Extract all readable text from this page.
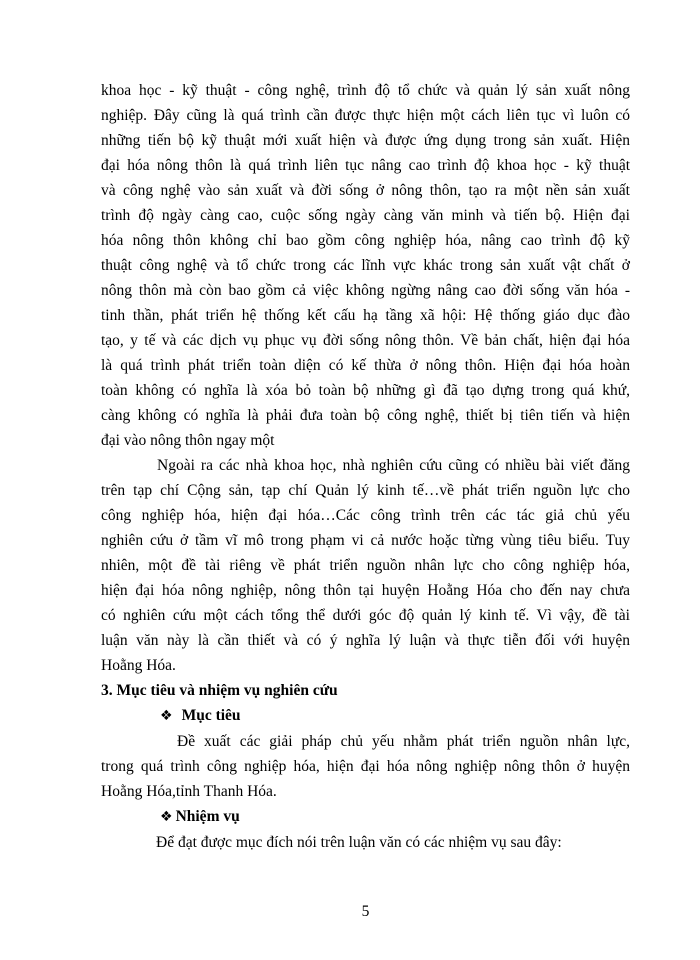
khoa học - kỹ thuật - công nghệ, trình độ tổ chức và quản lý sản xuất nông
nghiệp. Đây cũng là quá trình cần được thực hiện một cách liên tục vì luôn có
những tiến bộ kỹ thuật mới xuất hiện và được ứng dụng trong sản xuất. Hiện
đại hóa nông thôn là quá trình liên tục nâng cao trình độ khoa học - kỹ thuật
và công nghệ vào sản xuất và đời sống ở nông thôn, tạo ra một nền sản xuất
trình độ ngày càng cao, cuộc sống ngày càng văn minh và tiến bộ. Hiện đại
hóa nông thôn không chỉ bao gồm công nghiệp hóa, nâng cao trình độ kỹ
thuật công nghệ và tổ chức trong các lĩnh vực khác trong sản xuất vật chất ở
nông thôn mà còn bao gồm cả việc không ngừng nâng cao đời sống văn hóa -
tinh thần, phát triển hệ thống kết cấu hạ tầng xã hội: Hệ thống giáo dục đào
tạo, y tế và các dịch vụ phục vụ đời sống nông thôn. Về bản chất, hiện đại hóa
là quá trình phát triển toàn diện có kế thừa ở nông thôn. Hiện đại hóa hoàn
toàn không có nghĩa là xóa bỏ toàn bộ những gì đã tạo dựng trong quá khứ,
càng không có nghĩa là phải đưa toàn bộ công nghệ, thiết bị tiên tiến và hiện
đại vào nông thôn ngay một
Ngoài ra các nhà khoa học, nhà nghiên cứu cũng có nhiều bài viết đăng
trên tạp chí Cộng sản, tạp chí Quản lý kinh tế…về phát triển nguồn lực cho
công nghiệp hóa, hiện đại hóa…Các công trình trên các tác giả chủ yếu
nghiên cứu ở tầm vĩ mô trong phạm vi cả nước hoặc từng vùng tiêu biểu. Tuy
nhiên, một đề tài riêng về phát triển nguồn nhân lực cho công nghiệp hóa,
hiện đại hóa nông nghiệp, nông thôn tại huyện Hoằng Hóa cho đến nay chưa
có nghiên cứu một cách tổng thể dưới góc độ quản lý kinh tế. Vì vậy, đề tài
luận văn này là cần thiết và có ý nghĩa lý luận và thực tiễn đối với huyện
Hoằng Hóa.
3. Mục tiêu và nhiệm vụ nghiên cứu
❖ Mục tiêu
Đề xuất các giải pháp chủ yếu nhằm phát triển nguồn nhân lực,
trong quá trình công nghiệp hóa, hiện đại hóa nông nghiệp nông thôn ở huyện
Hoằng Hóa,tỉnh Thanh Hóa.
❖ Nhiệm vụ
Để đạt được mục đích nói trên luận văn có các nhiệm vụ sau đây:
5
